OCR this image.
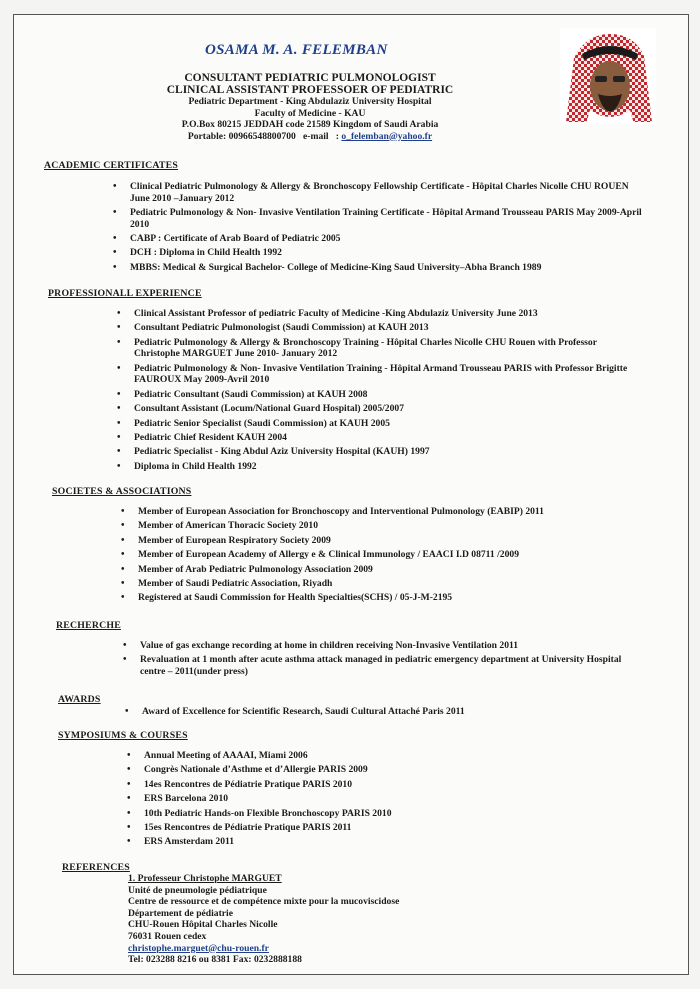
OSAMA M. A. FELEMBAN
CONSULTANT PEDIATRIC PULMONOLOGIST
CLINICAL ASSISTANT PROFESSOER OF PEDIATRIC
Pediatric Department - King Abdulaziz University Hospital
Faculty of Medicine - KAU
P.O.Box 80215 JEDDAH code 21589 Kingdom of Saudi Arabia
Portable: 00966548800700 e-mail : o_felemban@yahoo.fr
ACADEMIC CERTIFICATES
• Clinical Pediatric Pulmonology & Allergy & Bronchoscopy Fellowship Certificate - Hôpital Charles Nicolle CHU ROUEN June 2010 –January 2012
• Pediatric Pulmonology & Non- Invasive Ventilation Training Certificate - Hôpital Armand Trousseau PARIS May 2009-April 2010
• CABP : Certificate of Arab Board of Pediatric 2005
• DCH : Diploma in Child Health 1992
• MBBS: Medical & Surgical Bachelor- College of Medicine-King Saud University–Abha Branch 1989
PROFESSIONALL EXPERIENCE
• Clinical Assistant Professor of pediatric Faculty of Medicine -King Abdulaziz University June 2013
• Consultant Pediatric Pulmonologist (Saudi Commission) at KAUH 2013
• Pediatric Pulmonology & Allergy & Bronchoscopy Training - Hôpital Charles Nicolle CHU Rouen with Professor Christophe MARGUET June 2010- January 2012
• Pediatric Pulmonology & Non- Invasive Ventilation Training - Hôpital Armand Trousseau PARIS with Professor Brigitte FAUROUX May 2009-Avril 2010
• Pediatric Consultant (Saudi Commission) at KAUH 2008
• Consultant Assistant (Locum/National Guard Hospital) 2005/2007
• Pediatric Senior Specialist (Saudi Commission) at KAUH 2005
• Pediatric Chief Resident KAUH 2004
• Pediatric Specialist - King Abdul Aziz University Hospital (KAUH) 1997
• Diploma in Child Health 1992
SOCIETES & ASSOCIATIONS
• Member of European Association for Bronchoscopy and Interventional Pulmonology (EABIP) 2011
• Member of American Thoracic Society 2010
• Member of European Respiratory Society 2009
• Member of European Academy of Allergy e & Clinical Immunology / EAACI I.D 08711 /2009
• Member of Arab Pediatric Pulmonology Association 2009
• Member of Saudi Pediatric Association, Riyadh
• Registered at Saudi Commission for Health Specialties(SCHS) / 05-J-M-2195
RECHERCHE
• Value of gas exchange recording at home in children receiving Non-Invasive Ventilation 2011
• Revaluation at 1 month after acute asthma attack managed in pediatric emergency department at University Hospital centre – 2011(under press)
AWARDS
• Award of Excellence for Scientific Research, Saudi Cultural Attaché Paris 2011
SYMPOSIUMS & COURSES
• Annual Meeting of AAAAI, Miami 2006
• Congrès Nationale d’Asthme et d’Allergie PARIS 2009
• 14es Rencontres de Pédiatrie Pratique PARIS 2010
• ERS Barcelona 2010
• 10th Pediatric Hands-on Flexible Bronchoscopy PARIS 2010
• 15es Rencontres de Pédiatrie Pratique PARIS 2011
• ERS Amsterdam 2011
REFERENCES
1. Professeur Christophe MARGUET
Unité de pneumologie pédiatrique
Centre de ressource et de compétence mixte pour la mucoviscidose
Département de pédiatrie
CHU-Rouen Hôpital Charles Nicolle
76031 Rouen cedex
christophe.marguet@chu-rouen.fr
Tel: 023288 8216 ou 8381 Fax: 0232888188
